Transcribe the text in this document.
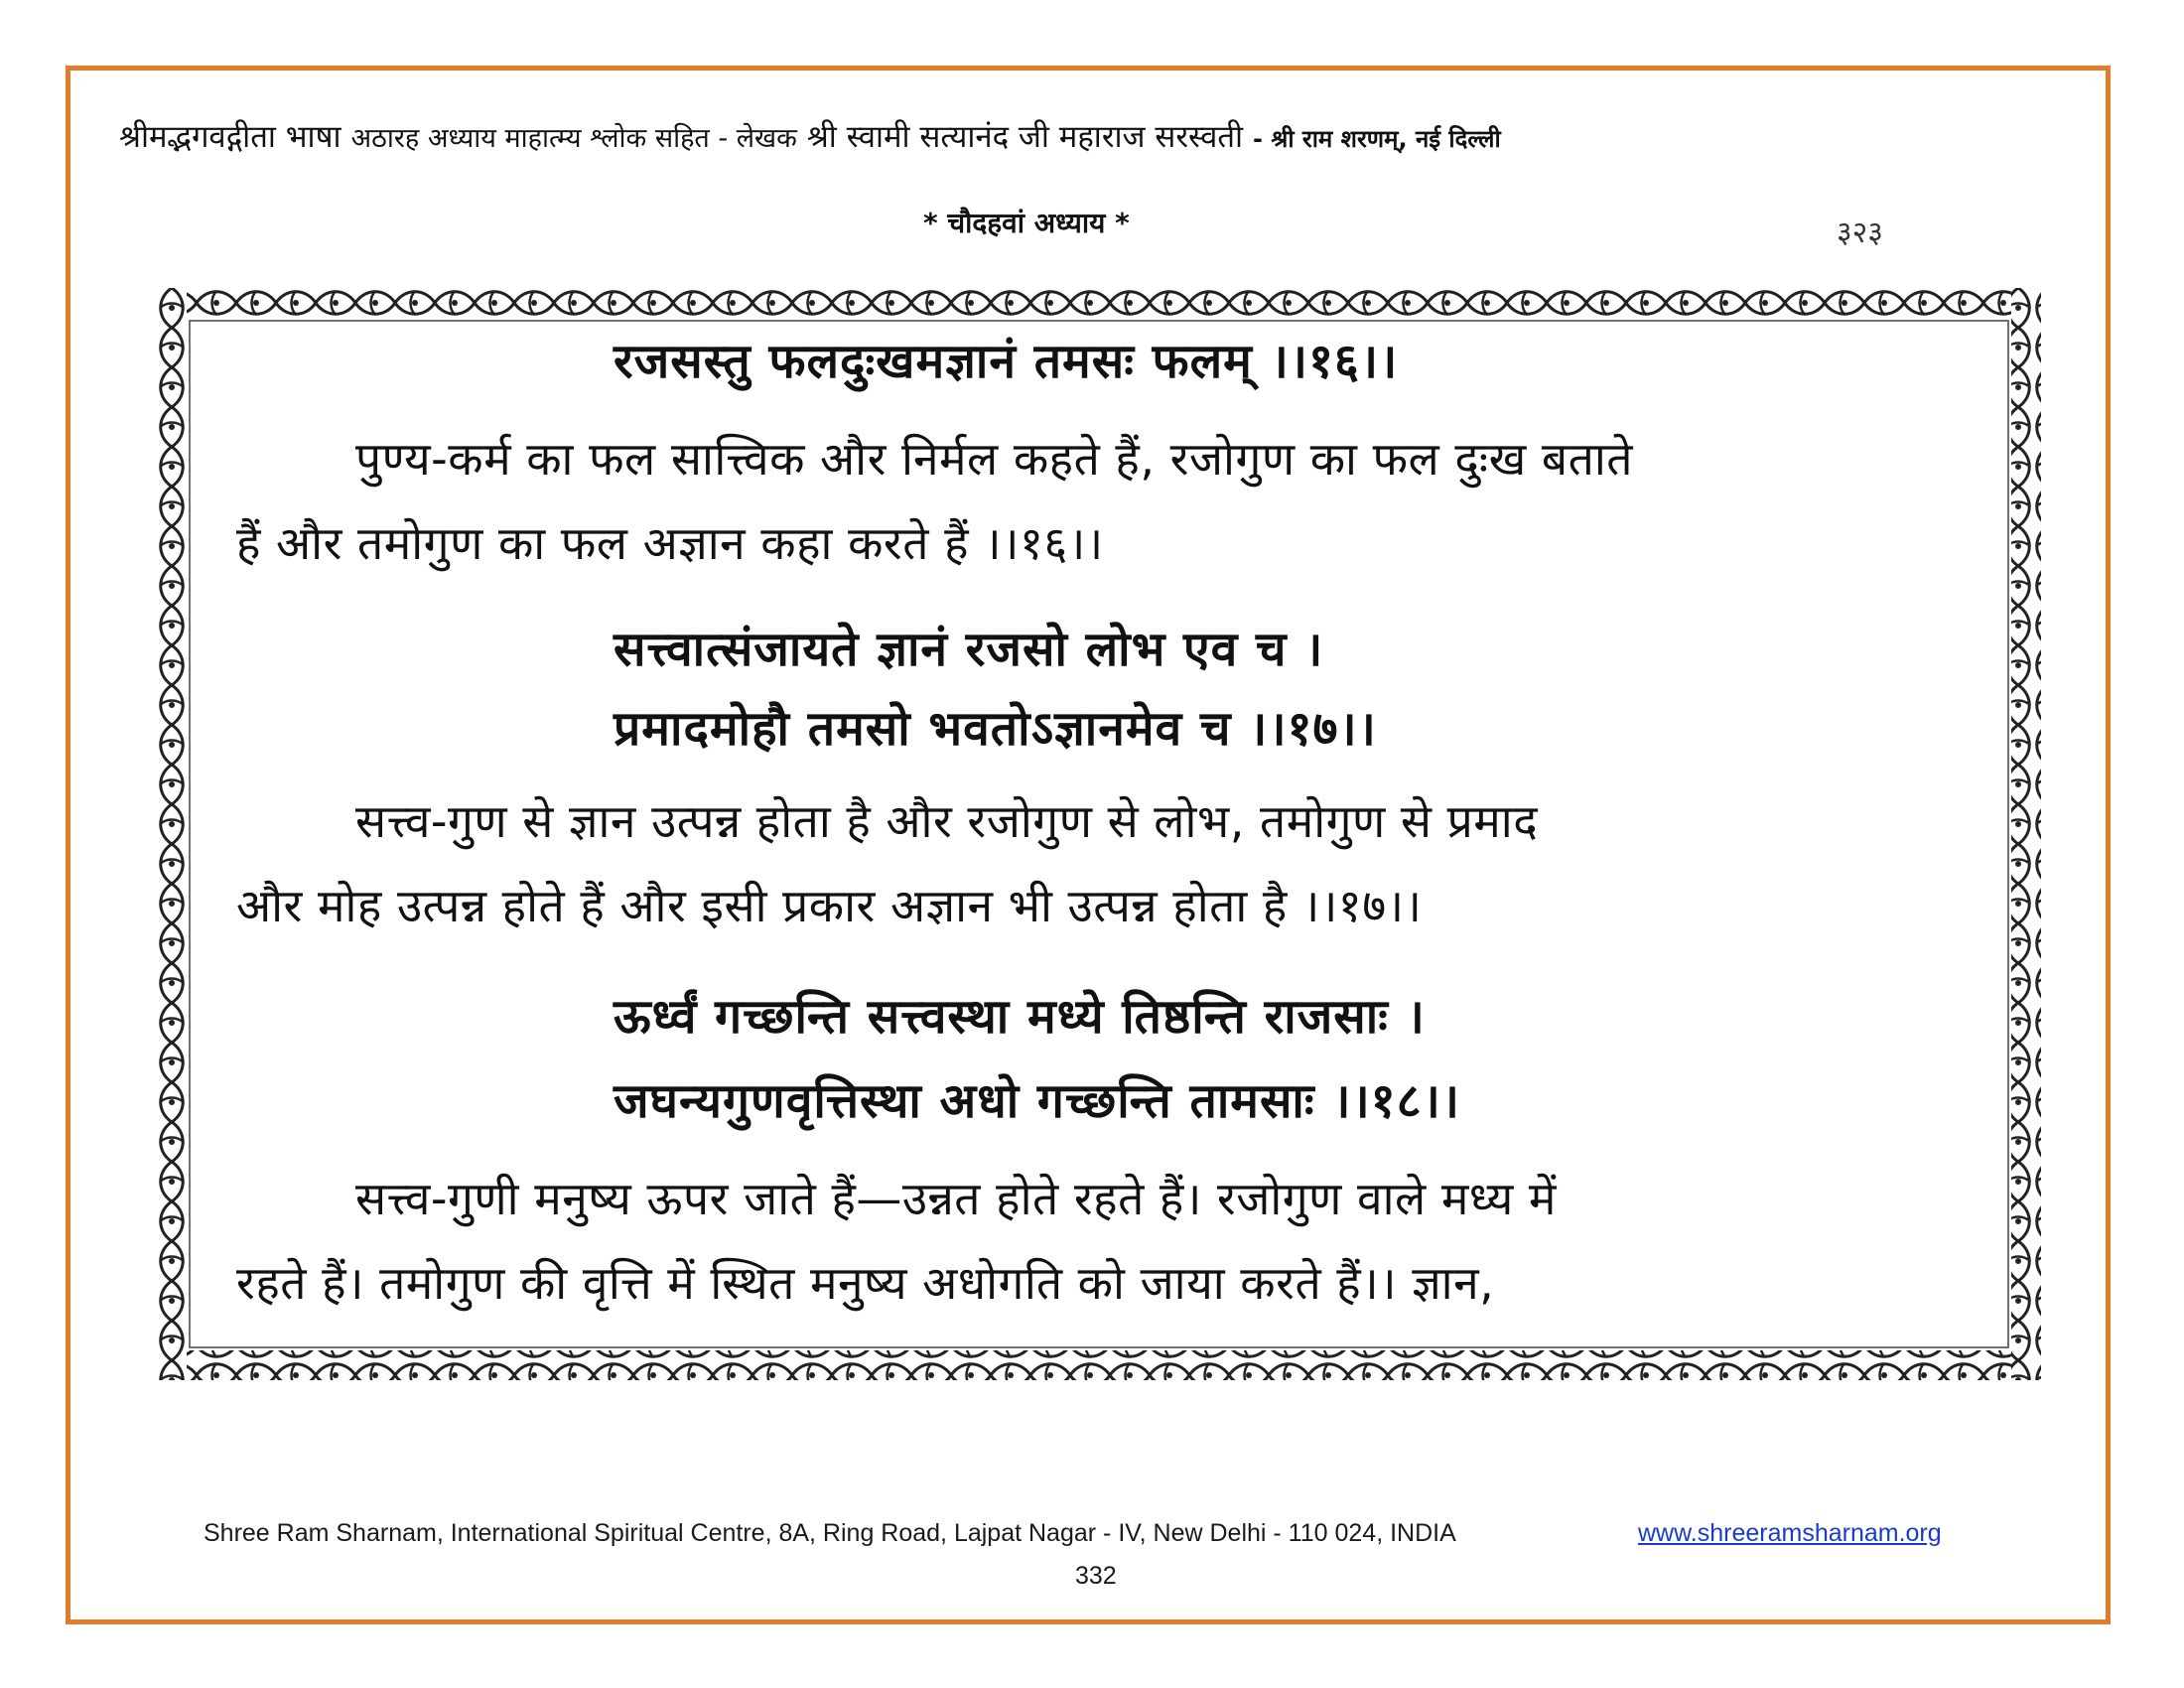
श्रीमद्भगवद्गीता भाषा अठारह अध्याय माहात्म्य श्लोक सहित - लेखक श्री स्वामी सत्यानंद जी महाराज सरस्वती - श्री राम शरणम्, नई दिल्ली
* चौदहवां अध्याय *	३२३
रजसस्तु फलदुःखमज्ञानं तमसः फलम् ।।१६।।
पुण्य-कर्म का फल सात्त्विक और निर्मल कहते हैं, रजोगुण का फल दुःख बताते
हैं और तमोगुण का फल अज्ञान कहा करते हैं ।।१६।।
सत्त्वात्संजायते ज्ञानं रजसो लोभ एव च ।
प्रमादमोहौ तमसो भवतोऽज्ञानमेव च ।।१७।।
सत्त्व-गुण से ज्ञान उत्पन्न होता है और रजोगुण से लोभ, तमोगुण से प्रमाद
और मोह उत्पन्न होते हैं और इसी प्रकार अज्ञान भी उत्पन्न होता है ।।१७।।
ऊर्ध्वं गच्छन्ति सत्त्वस्था मध्ये तिष्ठन्ति राजसाः ।
जघन्यगुणवृत्तिस्था अधो गच्छन्ति तामसाः ।।१८।।
सत्त्व-गुणी मनुष्य ऊपर जाते हैं—उन्नत होते रहते हैं। रजोगुण वाले मध्य में
रहते हैं। तमोगुण की वृत्ति में स्थित मनुष्य अधोगति को जाया करते हैं।। ज्ञान,
Shree Ram Sharnam, International Spiritual Centre, 8A, Ring Road, Lajpat Nagar - IV, New Delhi - 110 024, INDIA	www.shreeramsharnam.org
332
